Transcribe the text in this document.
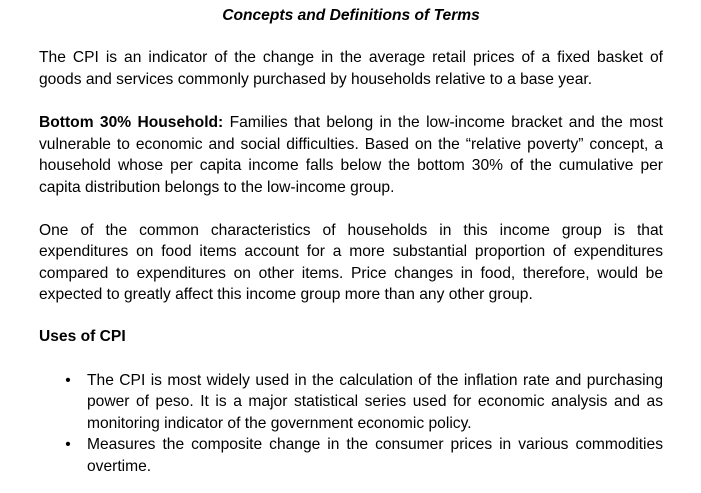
Concepts and Definitions of Terms

The CPI is an indicator of the change in the average retail prices of a fixed basket of goods and services commonly purchased by households relative to a base year.

Bottom 30% Household: Families that belong in the low-income bracket and the most vulnerable to economic and social difficulties. Based on the “relative poverty” concept, a household whose per capita income falls below the bottom 30% of the cumulative per capita distribution belongs to the low-income group.

One of the common characteristics of households in this income group is that expenditures on food items account for a more substantial proportion of expenditures compared to expenditures on other items. Price changes in food, therefore, would be expected to greatly affect this income group more than any other group.

Uses of CPI
• The CPI is most widely used in the calculation of the inflation rate and purchasing power of peso. It is a major statistical series used for economic analysis and as monitoring indicator of the government economic policy.
• Measures the composite change in the consumer prices in various commodities overtime.
